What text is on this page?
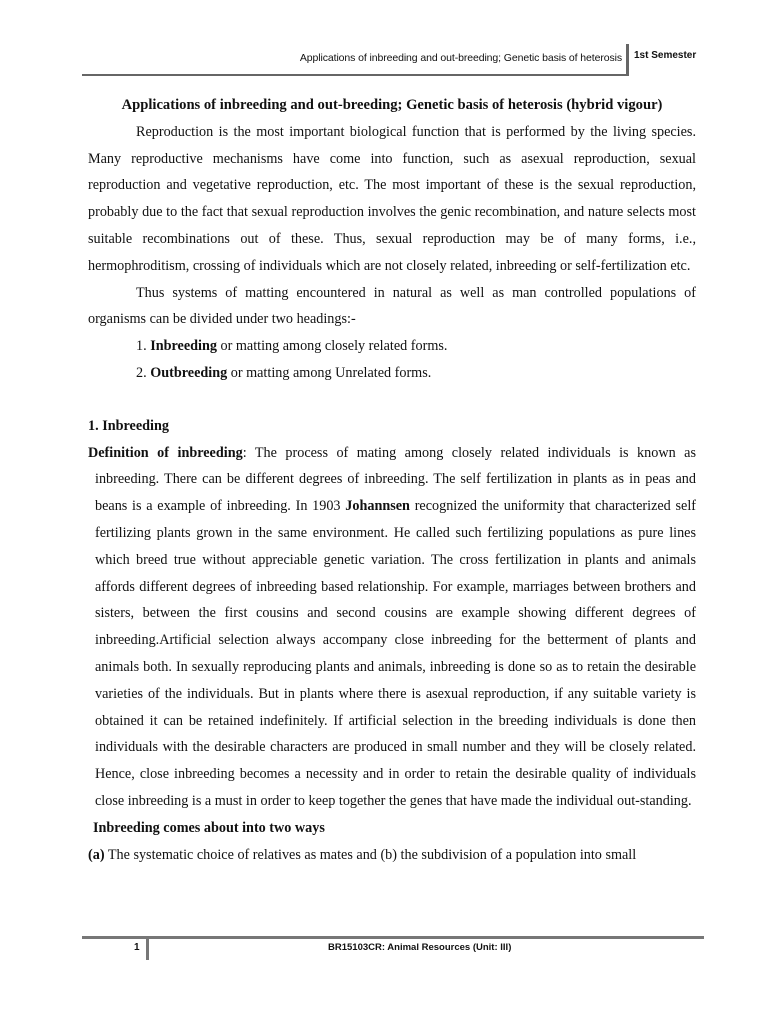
Applications of inbreeding and out-breeding; Genetic basis of heterosis 1st Semester

Applications of inbreeding and out-breeding; Genetic basis of heterosis (hybrid vigour)

Reproduction is the most important biological function that is performed by the living species. Many reproductive mechanisms have come into function, such as asexual reproduction, sexual reproduction and vegetative reproduction, etc. The most important of these is the sexual reproduction, probably due to the fact that sexual reproduction involves the genic recombination, and nature selects most suitable recombinations out of these. Thus, sexual reproduction may be of many forms, i.e., hermophroditism, crossing of individuals which are not closely related, inbreeding or self-fertilization etc.

Thus systems of matting encountered in natural as well as man controlled populations of organisms can be divided under two headings:-

1. Inbreeding or matting among closely related forms.
2. Outbreeding or matting among Unrelated forms.
1. Inbreeding

Definition of inbreeding: The process of mating among closely related individuals is known as inbreeding. There can be different degrees of inbreeding. The self fertilization in plants as in peas and beans is a example of inbreeding. In 1903 Johannsen recognized the uniformity that characterized self fertilizing plants grown in the same environment. He called such fertilizing populations as pure lines which breed true without appreciable genetic variation. The cross fertilization in plants and animals affords different degrees of inbreeding based relationship. For example, marriages between brothers and sisters, between the first cousins and second cousins are example showing different degrees of inbreeding.Artificial selection always accompany close inbreeding for the betterment of plants and animals both. In sexually reproducing plants and animals, inbreeding is done so as to retain the desirable varieties of the individuals. But in plants where there is asexual reproduction, if any suitable variety is obtained it can be retained indefinitely. If artificial selection in the breeding individuals is done then individuals with the desirable characters are produced in small number and they will be closely related. Hence, close inbreeding becomes a necessity and in order to retain the desirable quality of individuals close inbreeding is a must in order to keep together the genes that have made the individual out-standing.

Inbreeding comes about into two ways

(a) The systematic choice of relatives as mates and (b) the subdivision of a population into small

1	BR15103CR: Animal Resources (Unit: III)
